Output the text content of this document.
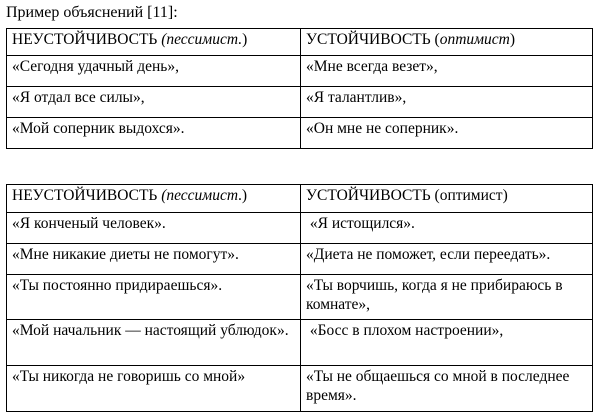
Пример объяснений [11]:
НЕУСТОЙЧИВОСТЬ (пессимист.)	УСТОЙЧИВОСТЬ (оптимист)
«Сегодня удачный день»,	«Мне всегда везет»,
«Я отдал все силы»,	«Я талантлив»,
«Мой соперник выдохся».	«Он мне не соперник».
НЕУСТОЙЧИВОСТЬ (пессимист.)	УСТОЙЧИВОСТЬ (оптимист)
«Я конченый человек».	«Я истощился».
«Мне никакие диеты не помогут».	«Диета не поможет, если переедать».
«Ты постоянно придираешься».	«Ты ворчишь, когда я не прибираюсь в комнате»,
«Мой начальник — настоящий ублюдок».	«Босс в плохом настроении»,
«Ты никогда не говоришь со мной»	«Ты не общаешься со мной в последнее время».
